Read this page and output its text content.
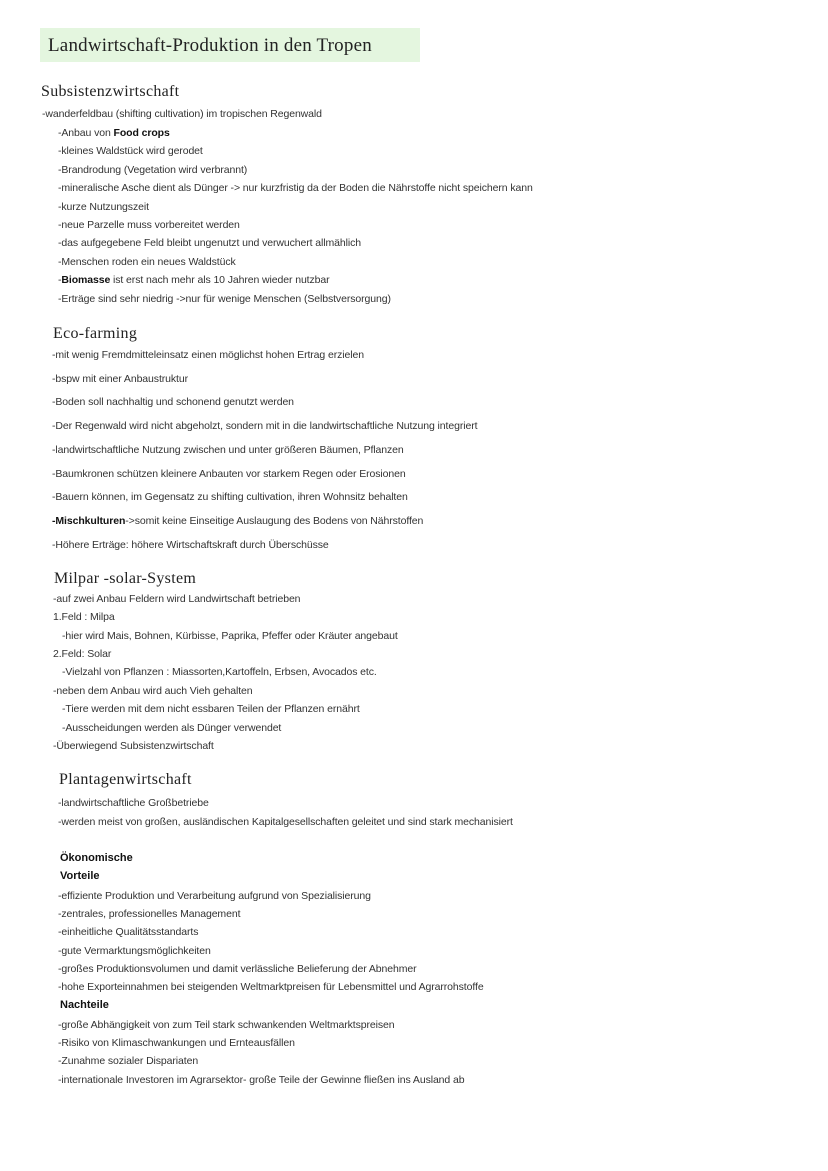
Landwirtschaft-Produktion in den Tropen
Subsistenzwirtschaft
-wanderfeldbau (shifting cultivation) im tropischen Regenwald
-Anbau von Food crops
-kleines Waldstück wird gerodet
-Brandrodung (Vegetation wird verbrannt)
-mineralische Asche dient als Dünger -> nur kurzfristig da der Boden die Nährstoffe nicht speichern kann
-kurze Nutzungszeit
-neue Parzelle muss vorbereitet werden
-das aufgegebene Feld bleibt ungenutzt und verwuchert allmählich
-Menschen roden ein neues Waldstück
-Biomasse ist erst nach mehr als 10 Jahren wieder nutzbar
-Erträge sind sehr niedrig ->nur für wenige Menschen (Selbstversorgung)
Eco-farming
-mit wenig Fremdmitteleinsatz einen möglichst hohen Ertrag erzielen
-bspw mit einer Anbaustruktur
-Boden soll nachhaltig und schonend genutzt werden
-Der Regenwald wird nicht abgeholzt, sondern mit in die landwirtschaftliche Nutzung integriert
-landwirtschaftliche Nutzung zwischen und unter größeren Bäumen, Pflanzen
-Baumkronen schützen kleinere Anbauten vor starkem Regen oder Erosionen
-Bauern können, im Gegensatz zu shifting cultivation, ihren Wohnsitz behalten
-Mischkulturen->somit keine Einseitige Auslaugung des Bodens von Nährstoffen
-Höhere Erträge: höhere Wirtschaftskraft durch Überschüsse
Milpar -solar-System
-auf zwei Anbau Feldern wird Landwirtschaft betrieben
1.Feld : Milpa
-hier wird Mais, Bohnen, Kürbisse, Paprika, Pfeffer oder Kräuter angebaut
2.Feld: Solar
-Vielzahl von Pflanzen : Miassorten,Kartoffeln, Erbsen, Avocados etc.
-neben dem Anbau wird auch Vieh gehalten
-Tiere werden mit dem nicht essbaren Teilen der Pflanzen ernährt
-Ausscheidungen werden als Dünger verwendet
-Überwiegend Subsistenzwirtschaft
Plantagenwirtschaft
-landwirtschaftliche Großbetriebe
-werden meist von großen, ausländischen Kapitalgesellschaften geleitet und sind stark mechanisiert
Ökonomische
Vorteile
-effiziente Produktion und Verarbeitung aufgrund von Spezialisierung
-zentrales, professionelles Management
-einheitliche Qualitätsstandarts
-gute Vermarktungsmöglichkeiten
-großes Produktionsvolumen und damit verlässliche Belieferung der Abnehmer
-hohe Exporteinnahmen bei steigenden Weltmarktpreisen für Lebensmittel und Agrarrohstoffe
Nachteile
-große Abhängigkeit von zum Teil stark schwankenden Weltmarktspreisen
-Risiko von Klimaschwankungen und Ernteausfällen
-Zunahme sozialer Dispariaten
-internationale Investoren im Agrarsektor- große Teile der Gewinne fließen ins Ausland ab
